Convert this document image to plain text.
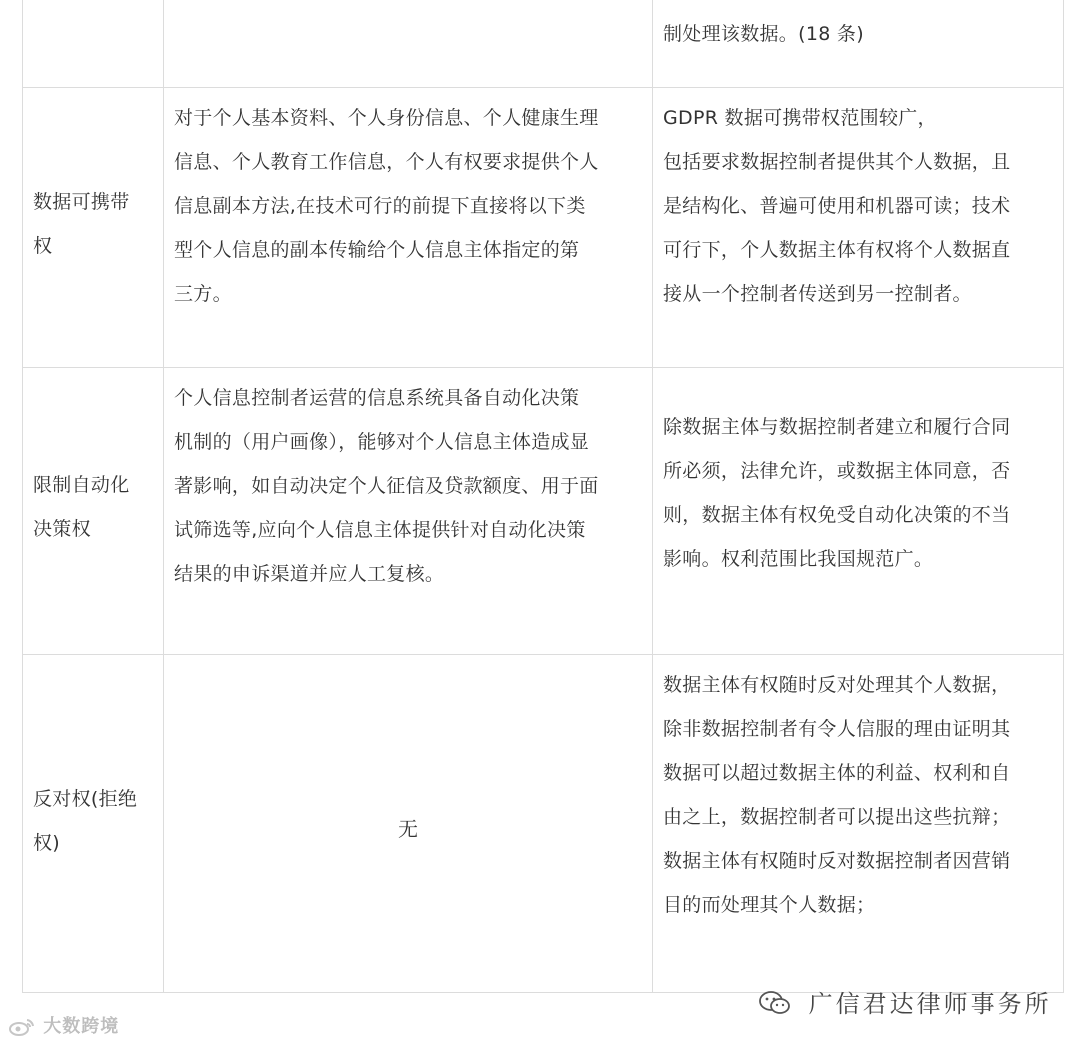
制处理该数据。(18 条)
数据可携带
权
对于个人基本资料、个人身份信息、个人健康生理
信息、个人教育工作信息，个人有权要求提供个人
信息副本方法,在技术可行的前提下直接将以下类
型个人信息的副本传输给个人信息主体指定的第
三方。
GDPR 数据可携带权范围较广，
包括要求数据控制者提供其个人数据，且
是结构化、普遍可使用和机器可读；技术
可行下，个人数据主体有权将个人数据直
接从一个控制者传送到另一控制者。
限制自动化
决策权
个人信息控制者运营的信息系统具备自动化决策
机制的（用户画像），能够对个人信息主体造成显
著影响，如自动决定个人征信及贷款额度、用于面
试筛选等,应向个人信息主体提供针对自动化决策
结果的申诉渠道并应人工复核。
除数据主体与数据控制者建立和履行合同
所必须，法律允许，或数据主体同意，否
则，数据主体有权免受自动化决策的不当
影响。权利范围比我国规范广。
反对权(拒绝
权)
无
数据主体有权随时反对处理其个人数据，
除非数据控制者有令人信服的理由证明其
数据可以超过数据主体的利益、权利和自
由之上，数据控制者可以提出这些抗辩；
数据主体有权随时反对数据控制者因营销
目的而处理其个人数据；
大数跨境
广信君达律师事务所
